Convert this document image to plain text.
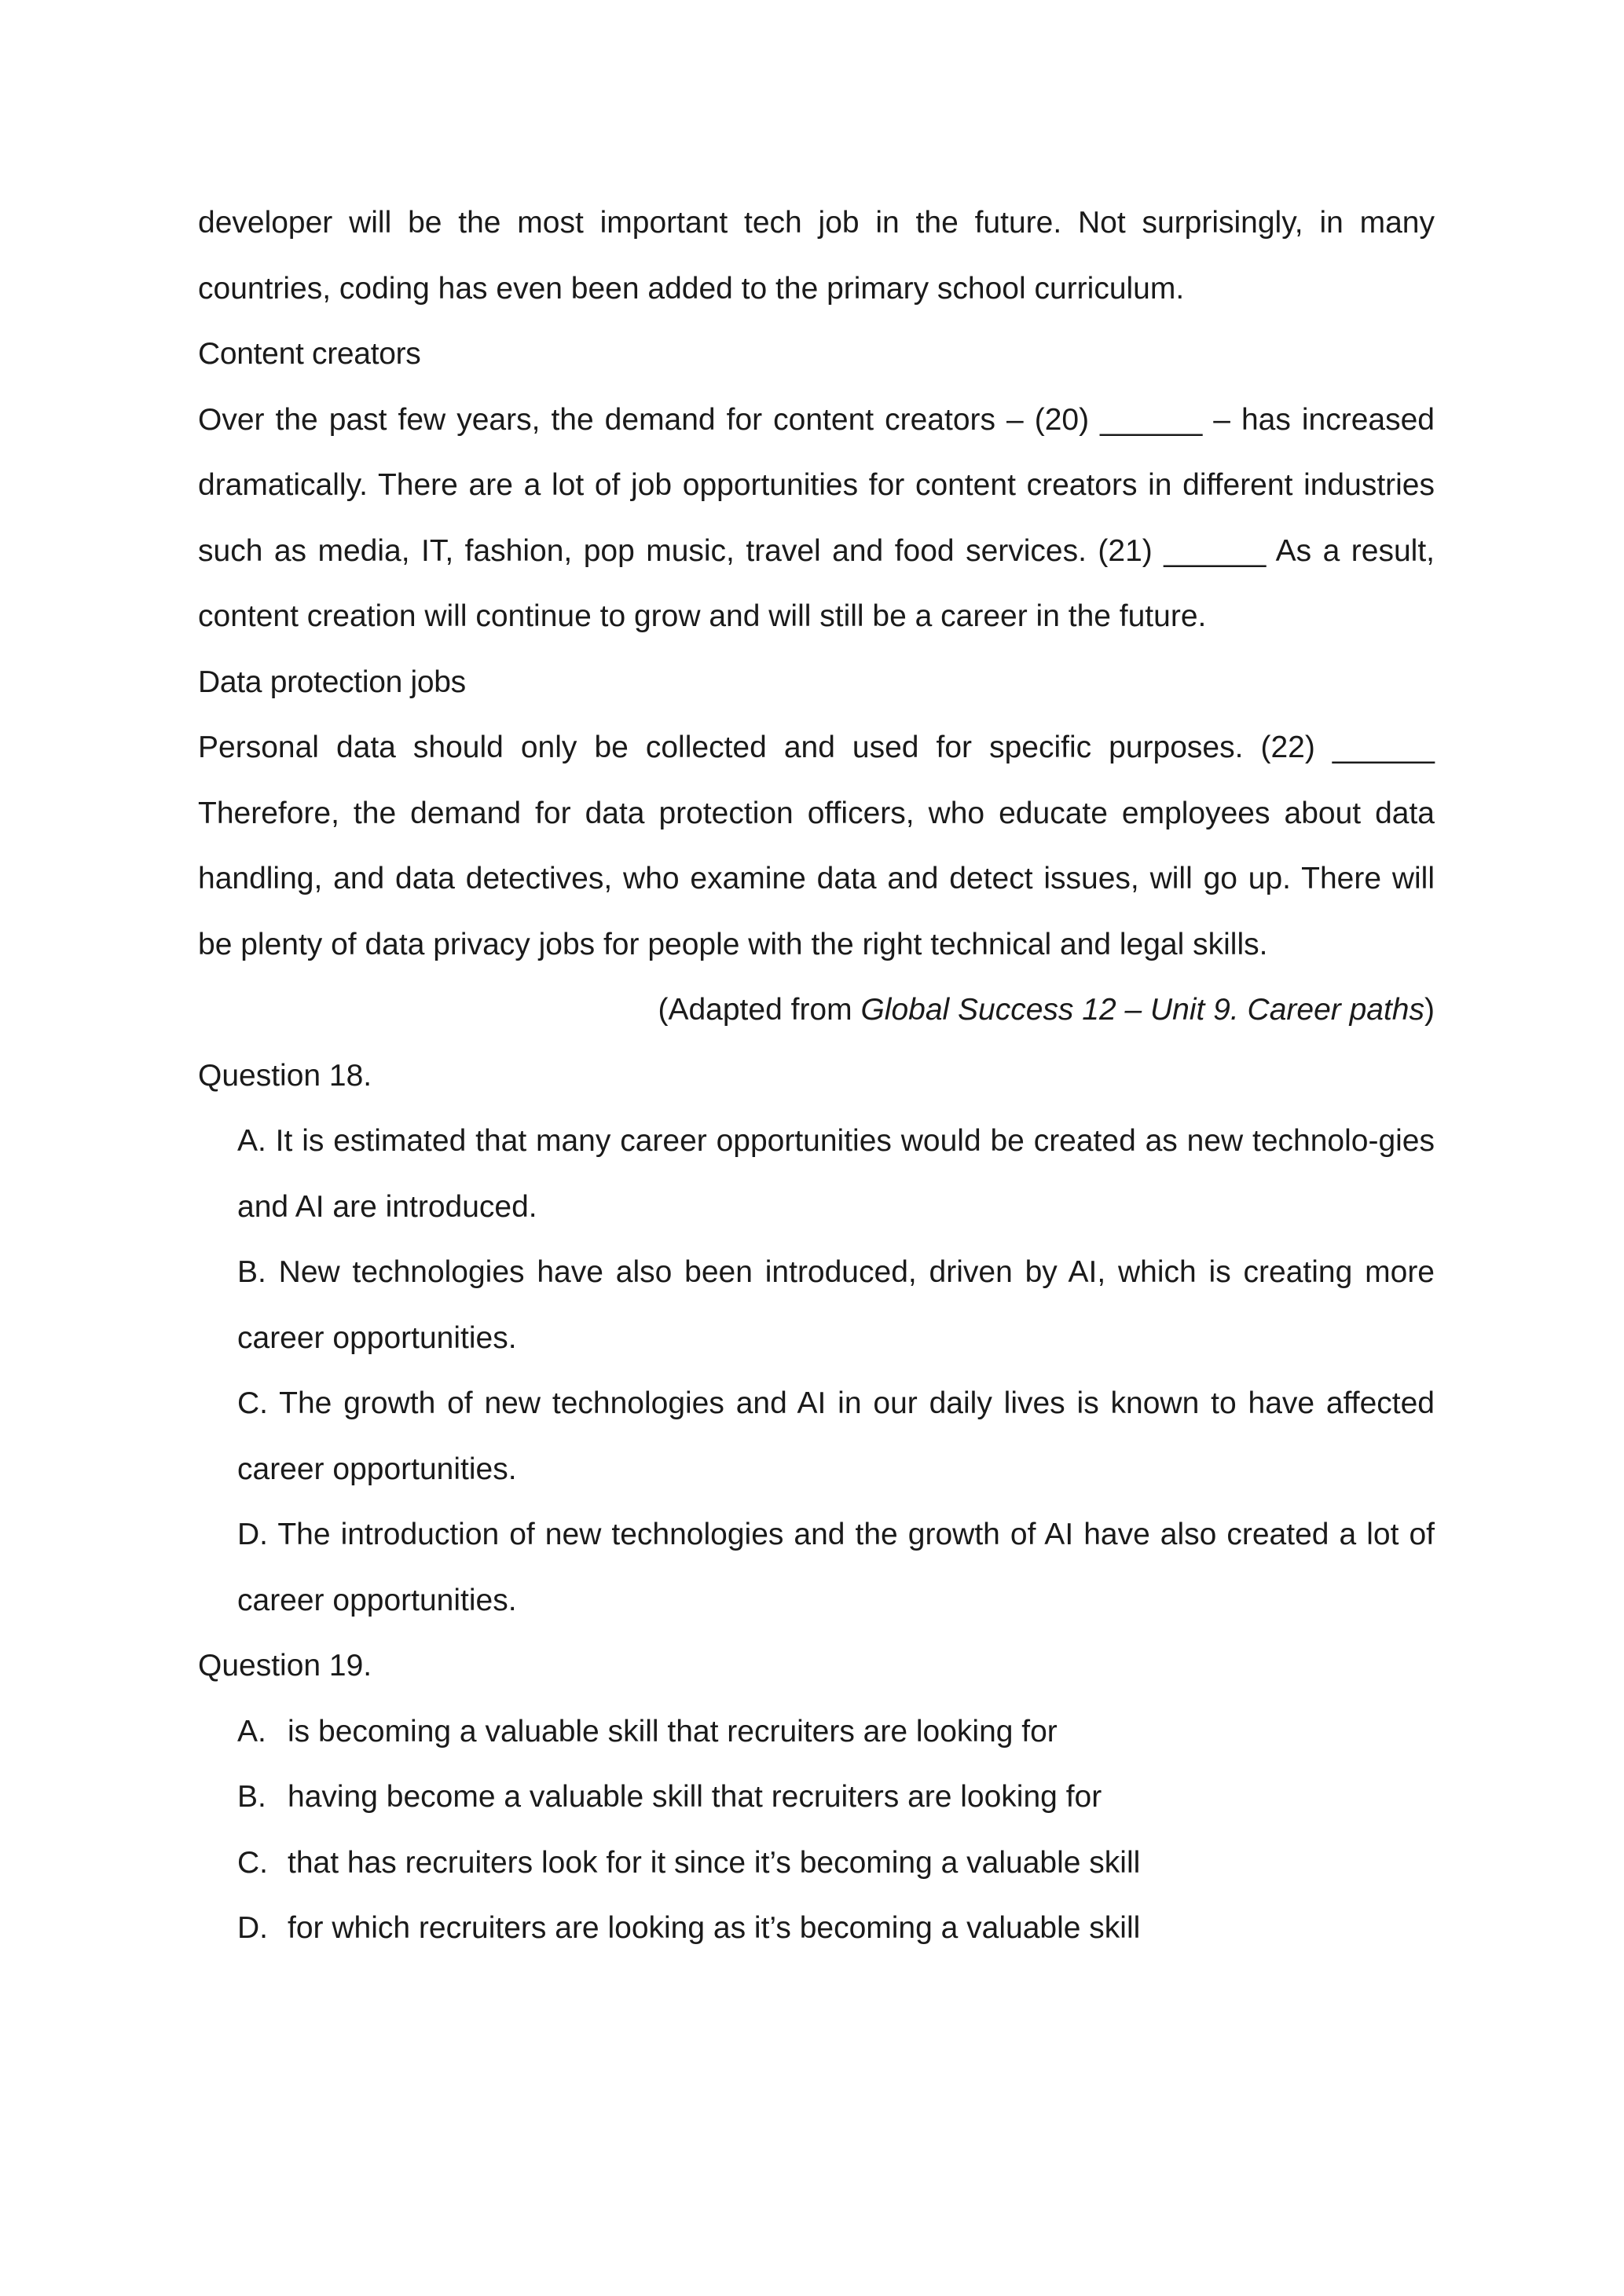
developer will be the most important tech job in the future. Not surprisingly, in many countries, coding has even been added to the primary school curriculum.

Content creators

Over the past few years, the demand for content creators – (20) ______ – has increased dramatically. There are a lot of job opportunities for content creators in different industries such as media, IT, fashion, pop music, travel and food services. (21) ______ As a result, content creation will continue to grow and will still be a career in the future.

Data protection jobs

Personal data should only be collected and used for specific purposes. (22) ______ Therefore, the demand for data protection officers, who educate employees about data handling, and data detectives, who examine data and detect issues, will go up. There will be plenty of data privacy jobs for people with the right technical and legal skills.

(Adapted from Global Success 12 – Unit 9. Career paths)

Question 18.

A. It is estimated that many career opportunities would be created as new technolo-gies and AI are introduced.

B. New technologies have also been introduced, driven by AI, which is creating more career opportunities.

C. The growth of new technologies and AI in our daily lives is known to have affected career opportunities.

D. The introduction of new technologies and the growth of AI have also created a lot of career opportunities.

Question 19.

A. is becoming a valuable skill that recruiters are looking for
B. having become a valuable skill that recruiters are looking for
C. that has recruiters look for it since it’s becoming a valuable skill
D. for which recruiters are looking as it’s becoming a valuable skill
